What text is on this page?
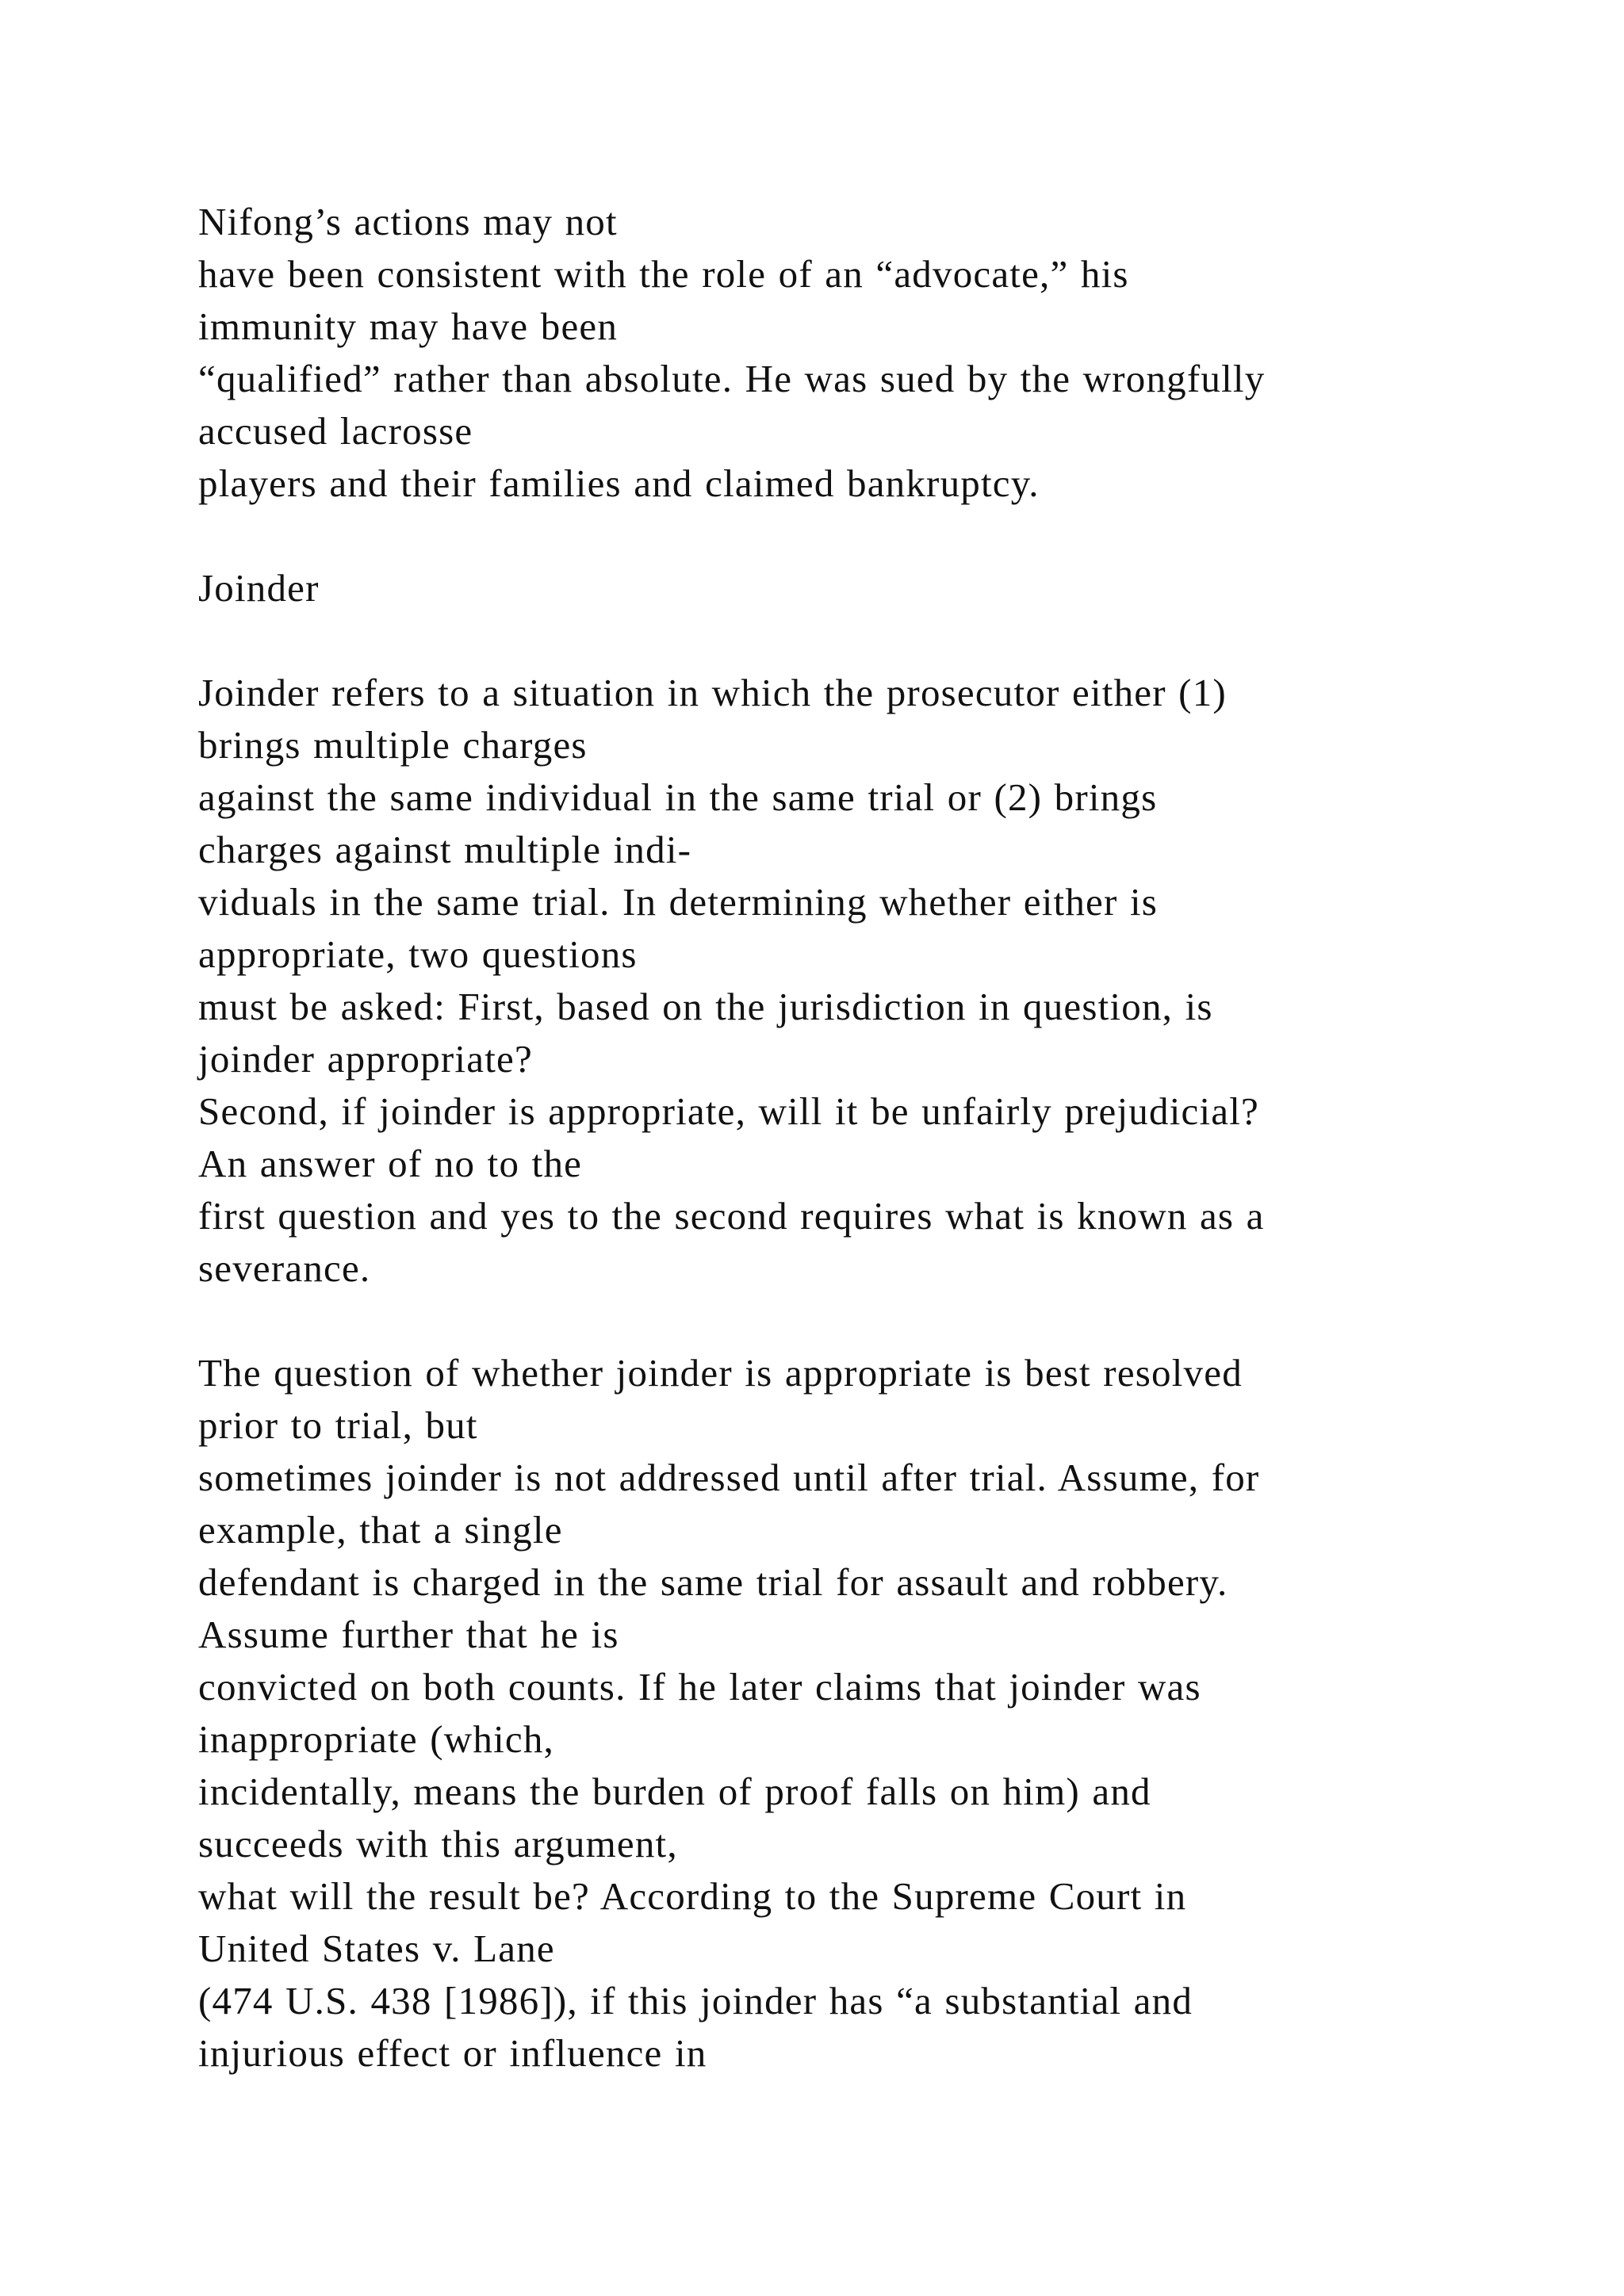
Nifong’s actions may not
have been consistent with the role of an “advocate,” his
immunity may have been
“qualified” rather than absolute. He was sued by the wrongfully
accused lacrosse
players and their families and claimed bankruptcy.
Joinder
Joinder refers to a situation in which the prosecutor either (1)
brings multiple charges
against the same individual in the same trial or (2) brings
charges against multiple indi-
viduals in the same trial. In determining whether either is
appropriate, two questions
must be asked: First, based on the jurisdiction in question, is
joinder appropriate?
Second, if joinder is appropriate, will it be unfairly prejudicial?
An answer of no to the
first question and yes to the second requires what is known as a
severance.
The question of whether joinder is appropriate is best resolved
prior to trial, but
sometimes joinder is not addressed until after trial. Assume, for
example, that a single
defendant is charged in the same trial for assault and robbery.
Assume further that he is
convicted on both counts. If he later claims that joinder was
inappropriate (which,
incidentally, means the burden of proof falls on him) and
succeeds with this argument,
what will the result be? According to the Supreme Court in
United States v. Lane
(474 U.S. 438 [1986]), if this joinder has “a substantial and
injurious effect or influence in
